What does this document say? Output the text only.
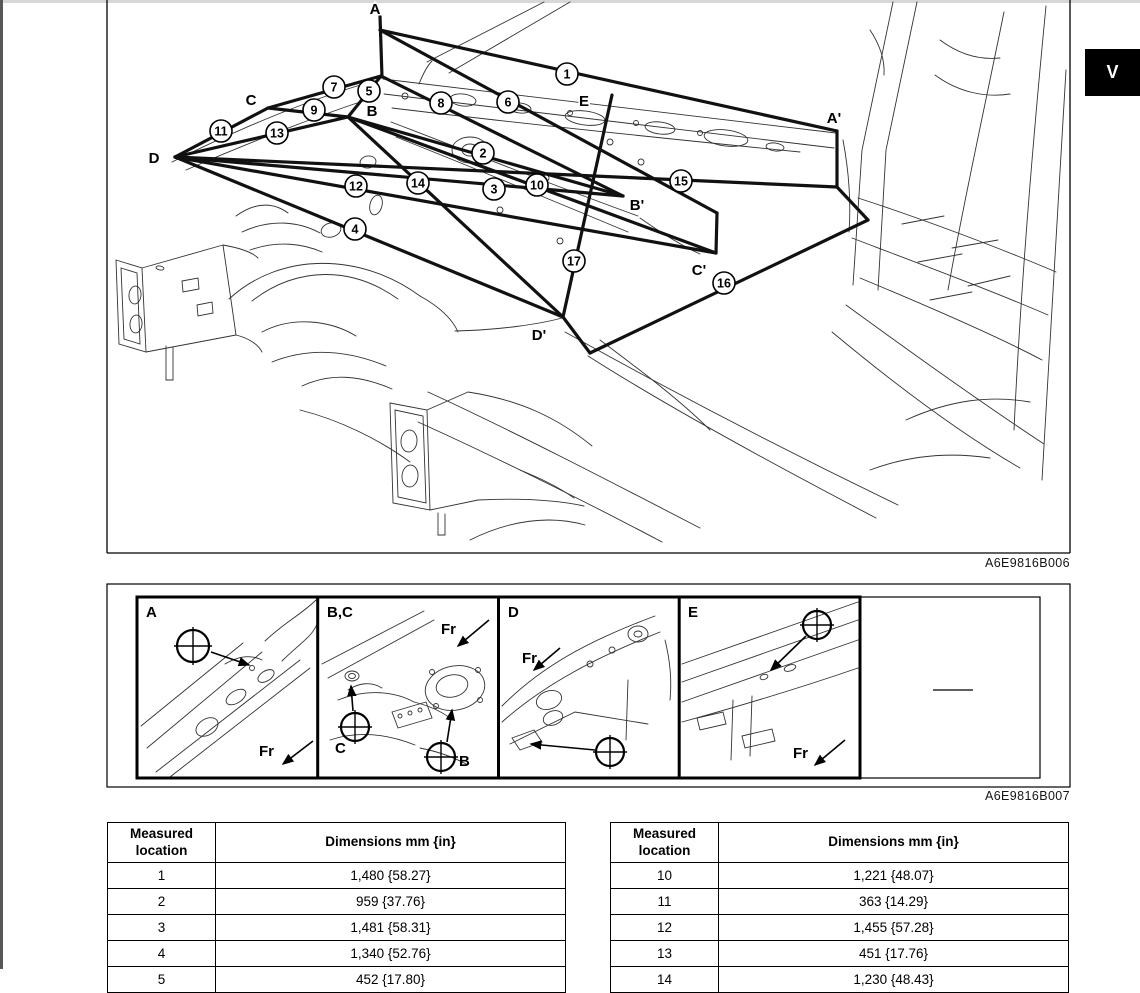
1
2
3
4
5
6
7
8
9
10
11
12
13
14	15
16
17
A
C
B
E
A'
B'
D
C'
D'
A	B,C	D	E
C
B
Fr
Fr
Fr
Fr
A6E9816B006
A6E9816B007
V
Measured location	Dimensions mm {in}
1	1,480 {58.27}
2	959 {37.76}
3	1,481 {58.31}
4	1,340 {52.76}
5	452 {17.80}
Measured location	Dimensions mm {in}
10	1,221 {48.07}
11	363 {14.29}
12	1,455 {57.28}
13	451 {17.76}
14	1,230 {48.43}
